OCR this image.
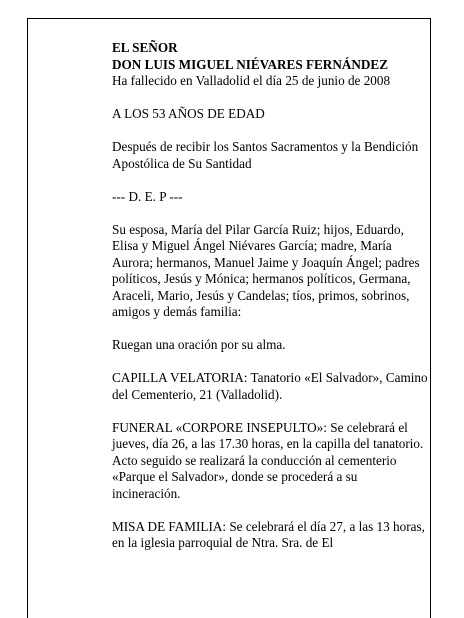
EL SEÑOR

DON LUIS MIGUEL NIÉVARES FERNÁNDEZ

Ha fallecido en Valladolid el día 25 de junio de 2008

A LOS 53 AÑOS DE EDAD

Después de recibir los Santos Sacramentos y la Bendición Apostólica de Su Santidad

--- D. E. P ---

Su esposa, María del Pilar García Ruiz; hijos, Eduardo, Elisa y Miguel Ángel Niévares García; madre, María Aurora; hermanos, Manuel Jaime y Joaquín Ángel; padres políticos, Jesús y Mónica; hermanos políticos, Germana, Araceli, Mario, Jesús y Candelas; tíos, primos, sobrinos, amigos y demás familia:

Ruegan una oración por su alma.

CAPILLA VELATORIA: Tanatorio «El Salvador», Camino del Cementerio, 21 (Valladolid).

FUNERAL «CORPORE INSEPULTO»: Se celebrará el jueves, día 26, a las 17.30 horas, en la capilla del tanatorio. Acto seguido se realizará la conducción al cementerio «Parque el Salvador», donde se procederá a su incineración.

MISA DE FAMILIA: Se celebrará el día 27, a las 13 horas, en la iglesia parroquial de Ntra. Sra. de El
